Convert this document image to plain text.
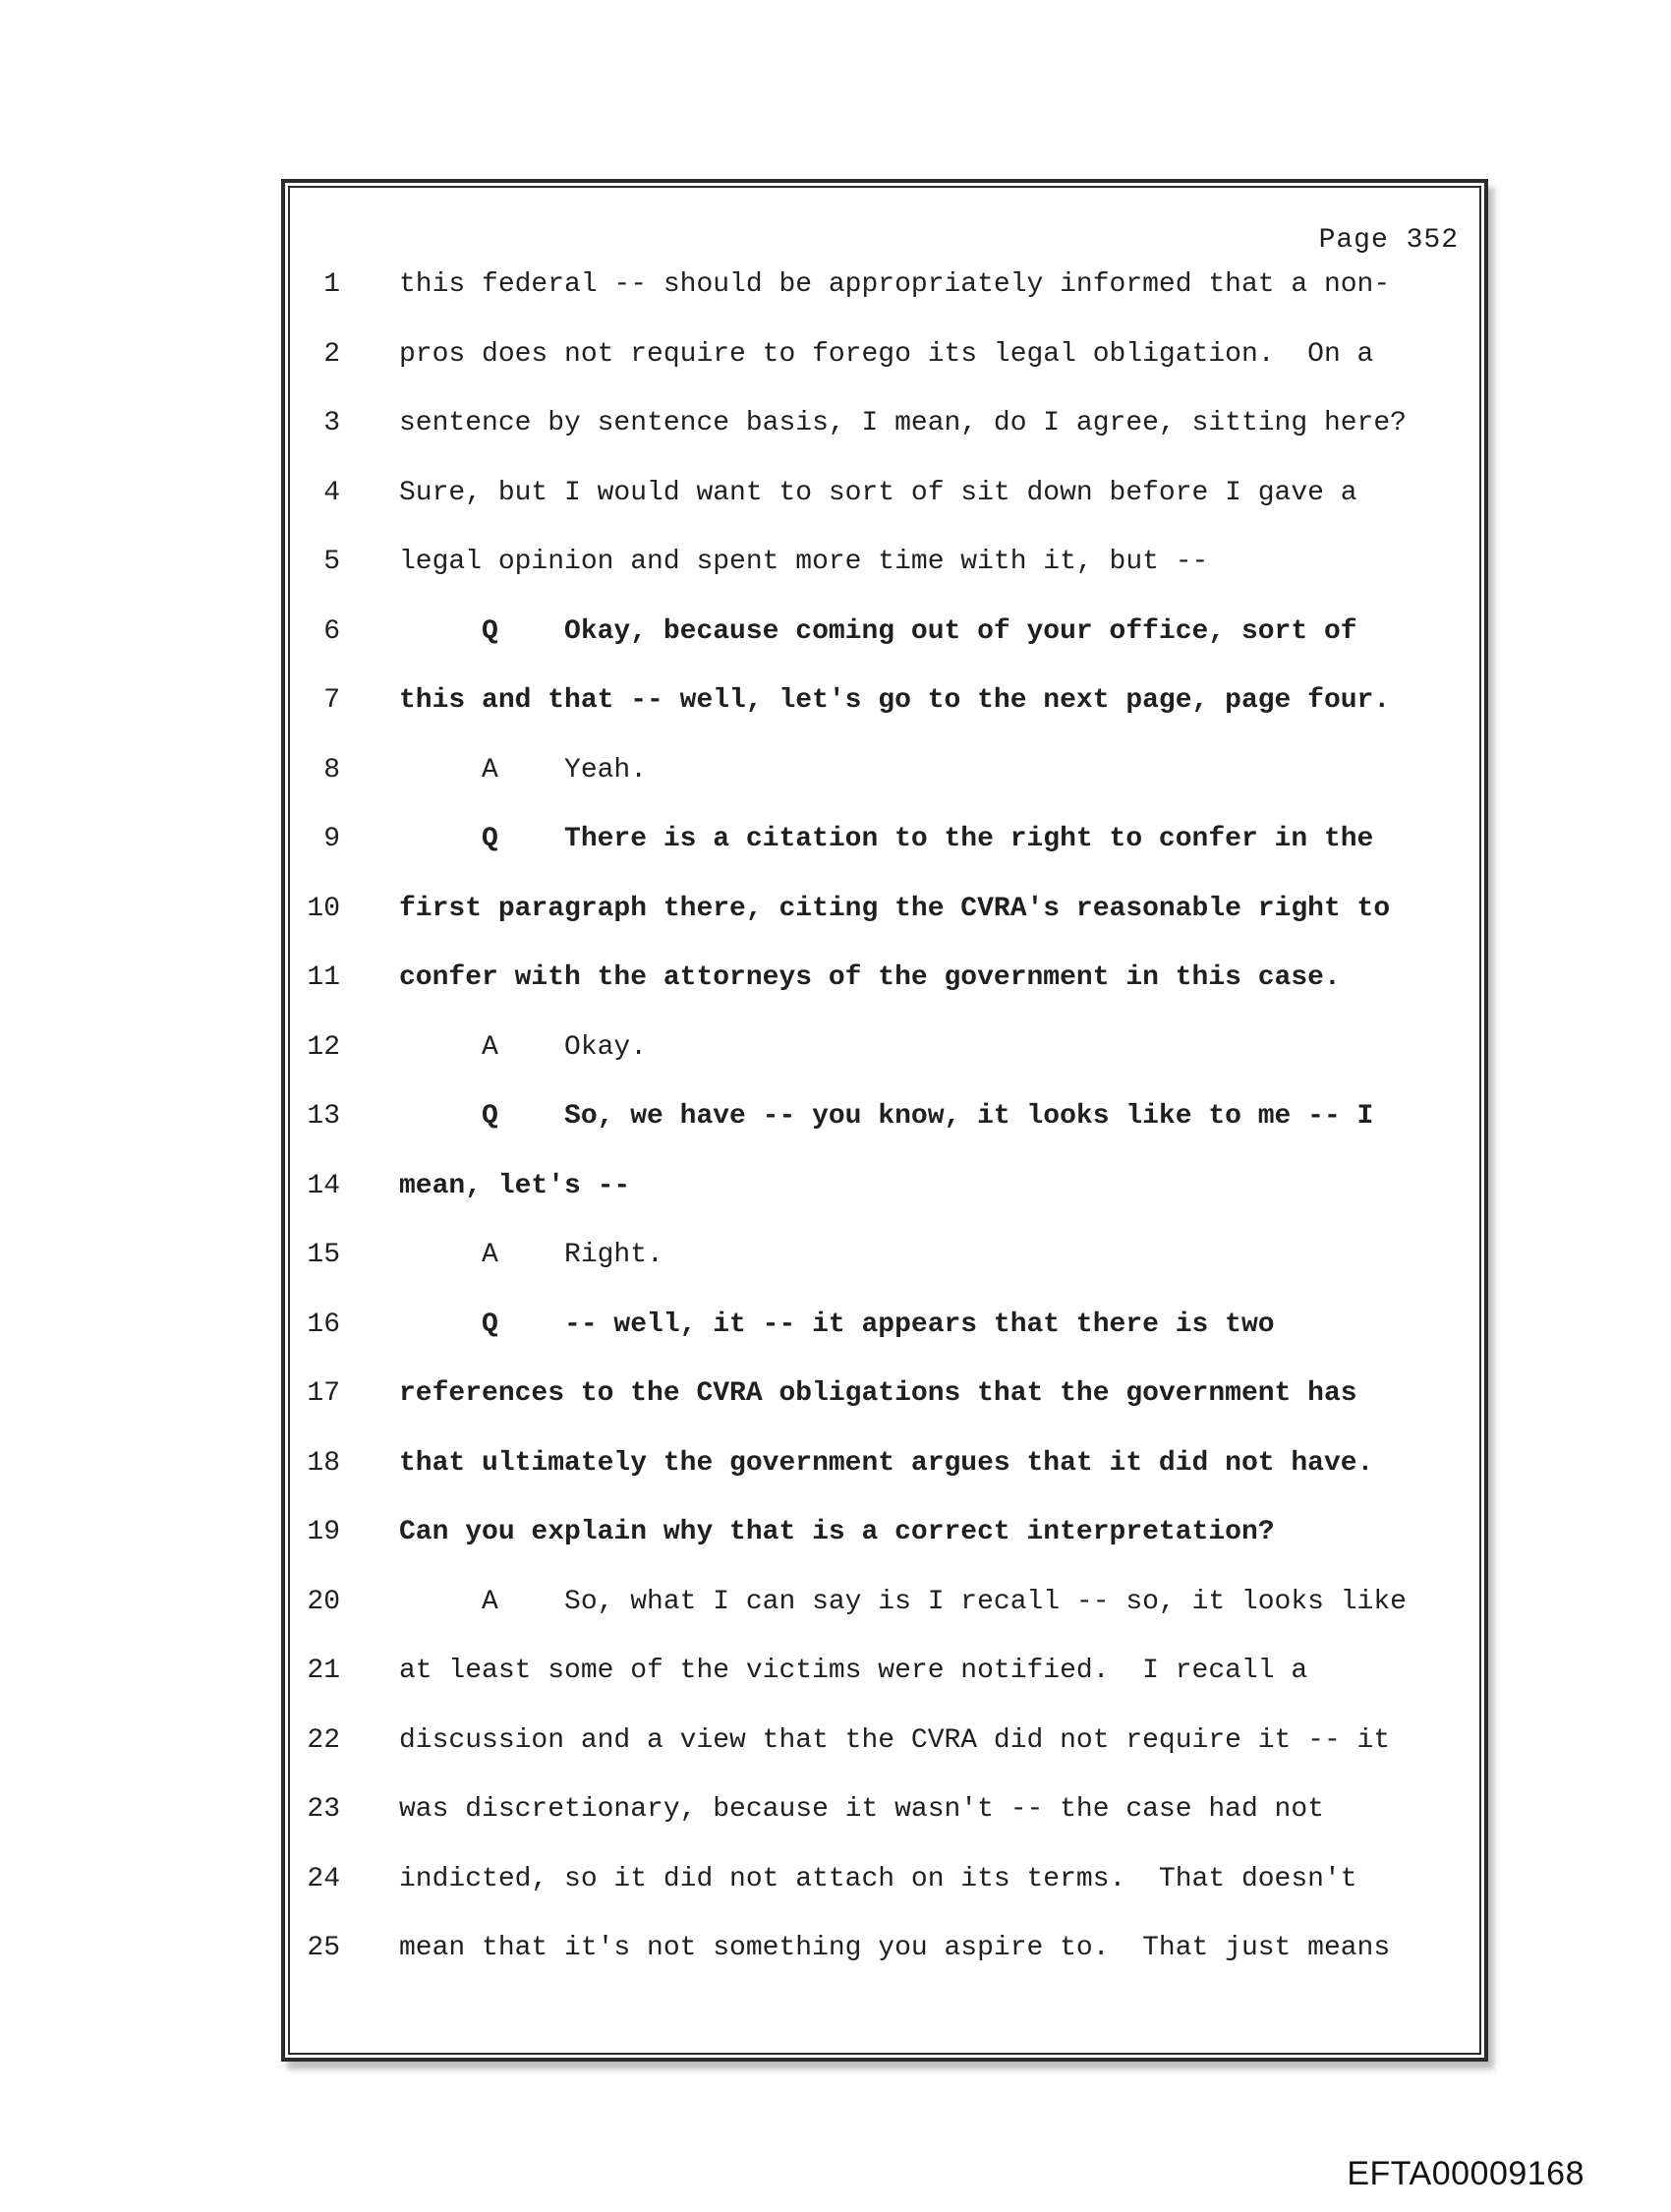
Page 352
1 this federal -- should be appropriately informed that a non-
2 pros does not require to forego its legal obligation.  On a
3 sentence by sentence basis, I mean, do I agree, sitting here?
4 Sure, but I would want to sort of sit down before I gave a
5 legal opinion and spent more time with it, but --
6     Q    Okay, because coming out of your office, sort of
7 this and that -- well, let's go to the next page, page four.
8     A    Yeah.
9     Q    There is a citation to the right to confer in the
10 first paragraph there, citing the CVRA's reasonable right to
11 confer with the attorneys of the government in this case.
12     A    Okay.
13     Q    So, we have -- you know, it looks like to me -- I
14 mean, let's --
15     A    Right.
16     Q    -- well, it -- it appears that there is two
17 references to the CVRA obligations that the government has
18 that ultimately the government argues that it did not have.
19 Can you explain why that is a correct interpretation?
20     A    So, what I can say is I recall -- so, it looks like
21 at least some of the victims were notified.  I recall a
22 discussion and a view that the CVRA did not require it -- it
23 was discretionary, because it wasn't -- the case had not
24 indicted, so it did not attach on its terms.  That doesn't
25 mean that it's not something you aspire to.  That just means
EFTA00009168
